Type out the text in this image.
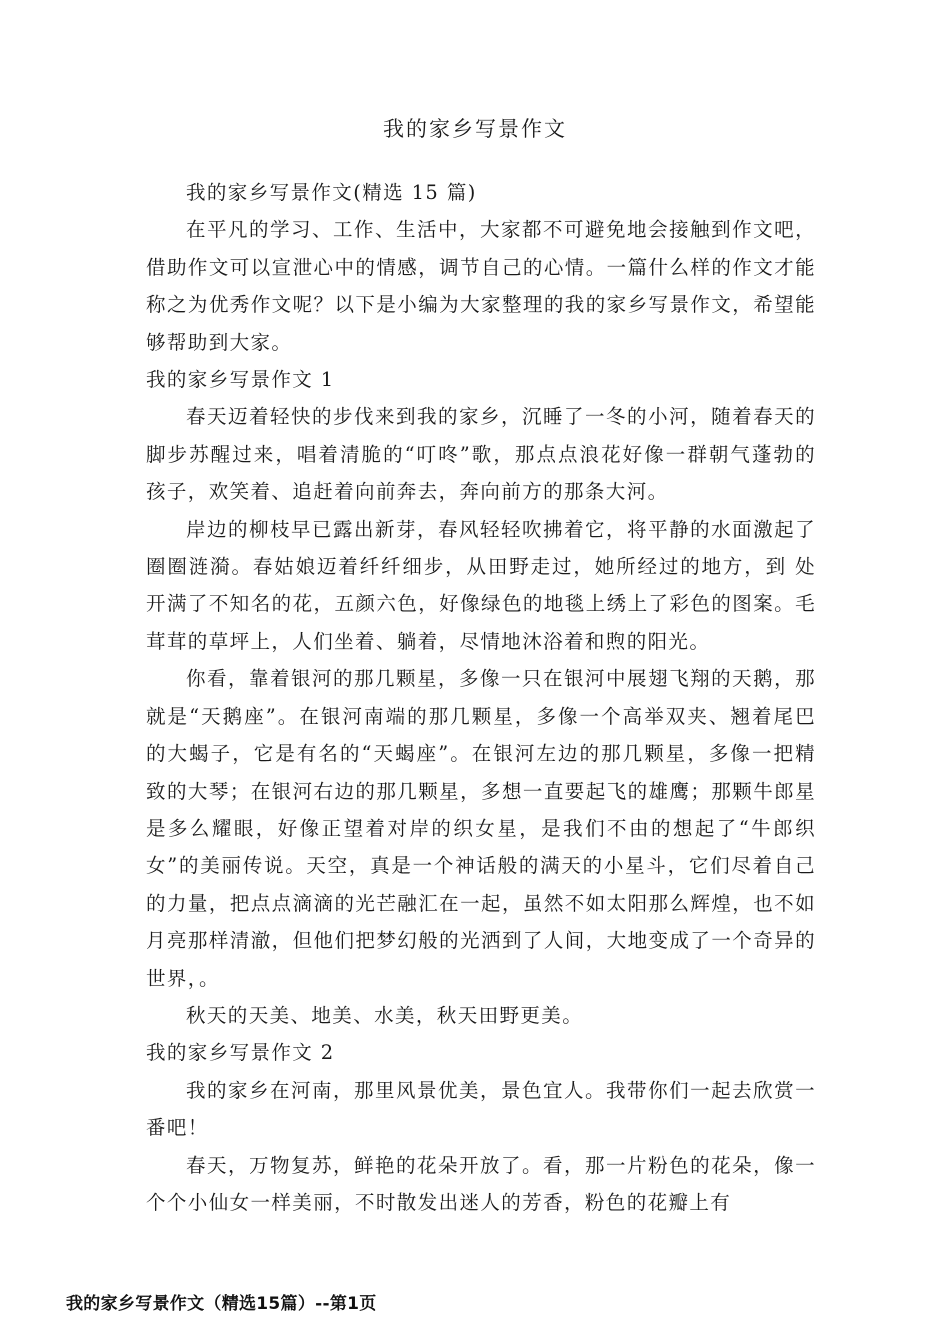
我的家乡写景作文

我的家乡写景作文(精选 15 篇)

在平凡的学习、工作、生活中，大家都不可避免地会接触到作文吧，借助作文可以宣泄心中的情感，调节自己的心情。一篇什么样的作文才能称之为优秀作文呢？以下是小编为大家整理的我的家乡写景作文，希望能够帮助到大家。

我的家乡写景作文 1

春天迈着轻快的步伐来到我的家乡，沉睡了一冬的小河，随着春天的脚步苏醒过来，唱着清脆的“叮咚”歌，那点点浪花好像一群朝气蓬勃的孩子，欢笑着、追赶着向前奔去，奔向前方的那条大河。

岸边的柳枝早已露出新芽，春风轻轻吹拂着它，将平静的水面激起了圈圈涟漪。春姑娘迈着纤纤细步，从田野走过，她所经过的地方，到 处开满了不知名的花，五颜六色，好像绿色的地毯上绣上了彩色的图案。毛茸茸的草坪上，人们坐着、躺着，尽情地沐浴着和煦的阳光。

你看，靠着银河的那几颗星，多像一只在银河中展翅飞翔的天鹅，那就是“天鹅座”。在银河南端的那几颗星，多像一个高举双夹、翘着尾巴的大蝎子，它是有名的“天蝎座”。在银河左边的那几颗星，多像一把精致的大琴；在银河右边的那几颗星，多想一直要起飞的雄鹰；那颗牛郎星是多么耀眼，好像正望着对岸的织女星，是我们不由的想起了“牛郎织女”的美丽传说。天空，真是一个神话般的满天的小星斗，它们尽着自己的力量，把点点滴滴的光芒融汇在一起，虽然不如太阳那么辉煌，也不如月亮那样清澈，但他们把梦幻般的光洒到了人间，大地变成了一个奇异的世界，。

秋天的天美、地美、水美，秋天田野更美。

我的家乡写景作文 2

我的家乡在河南，那里风景优美，景色宜人。我带你们一起去欣赏一番吧！

春天，万物复苏，鲜艳的花朵开放了。看，那一片粉色的花朵，像一个个小仙女一样美丽，不时散发出迷人的芳香，粉色的花瓣上有

我的家乡写景作文（精选15篇）--第1页
